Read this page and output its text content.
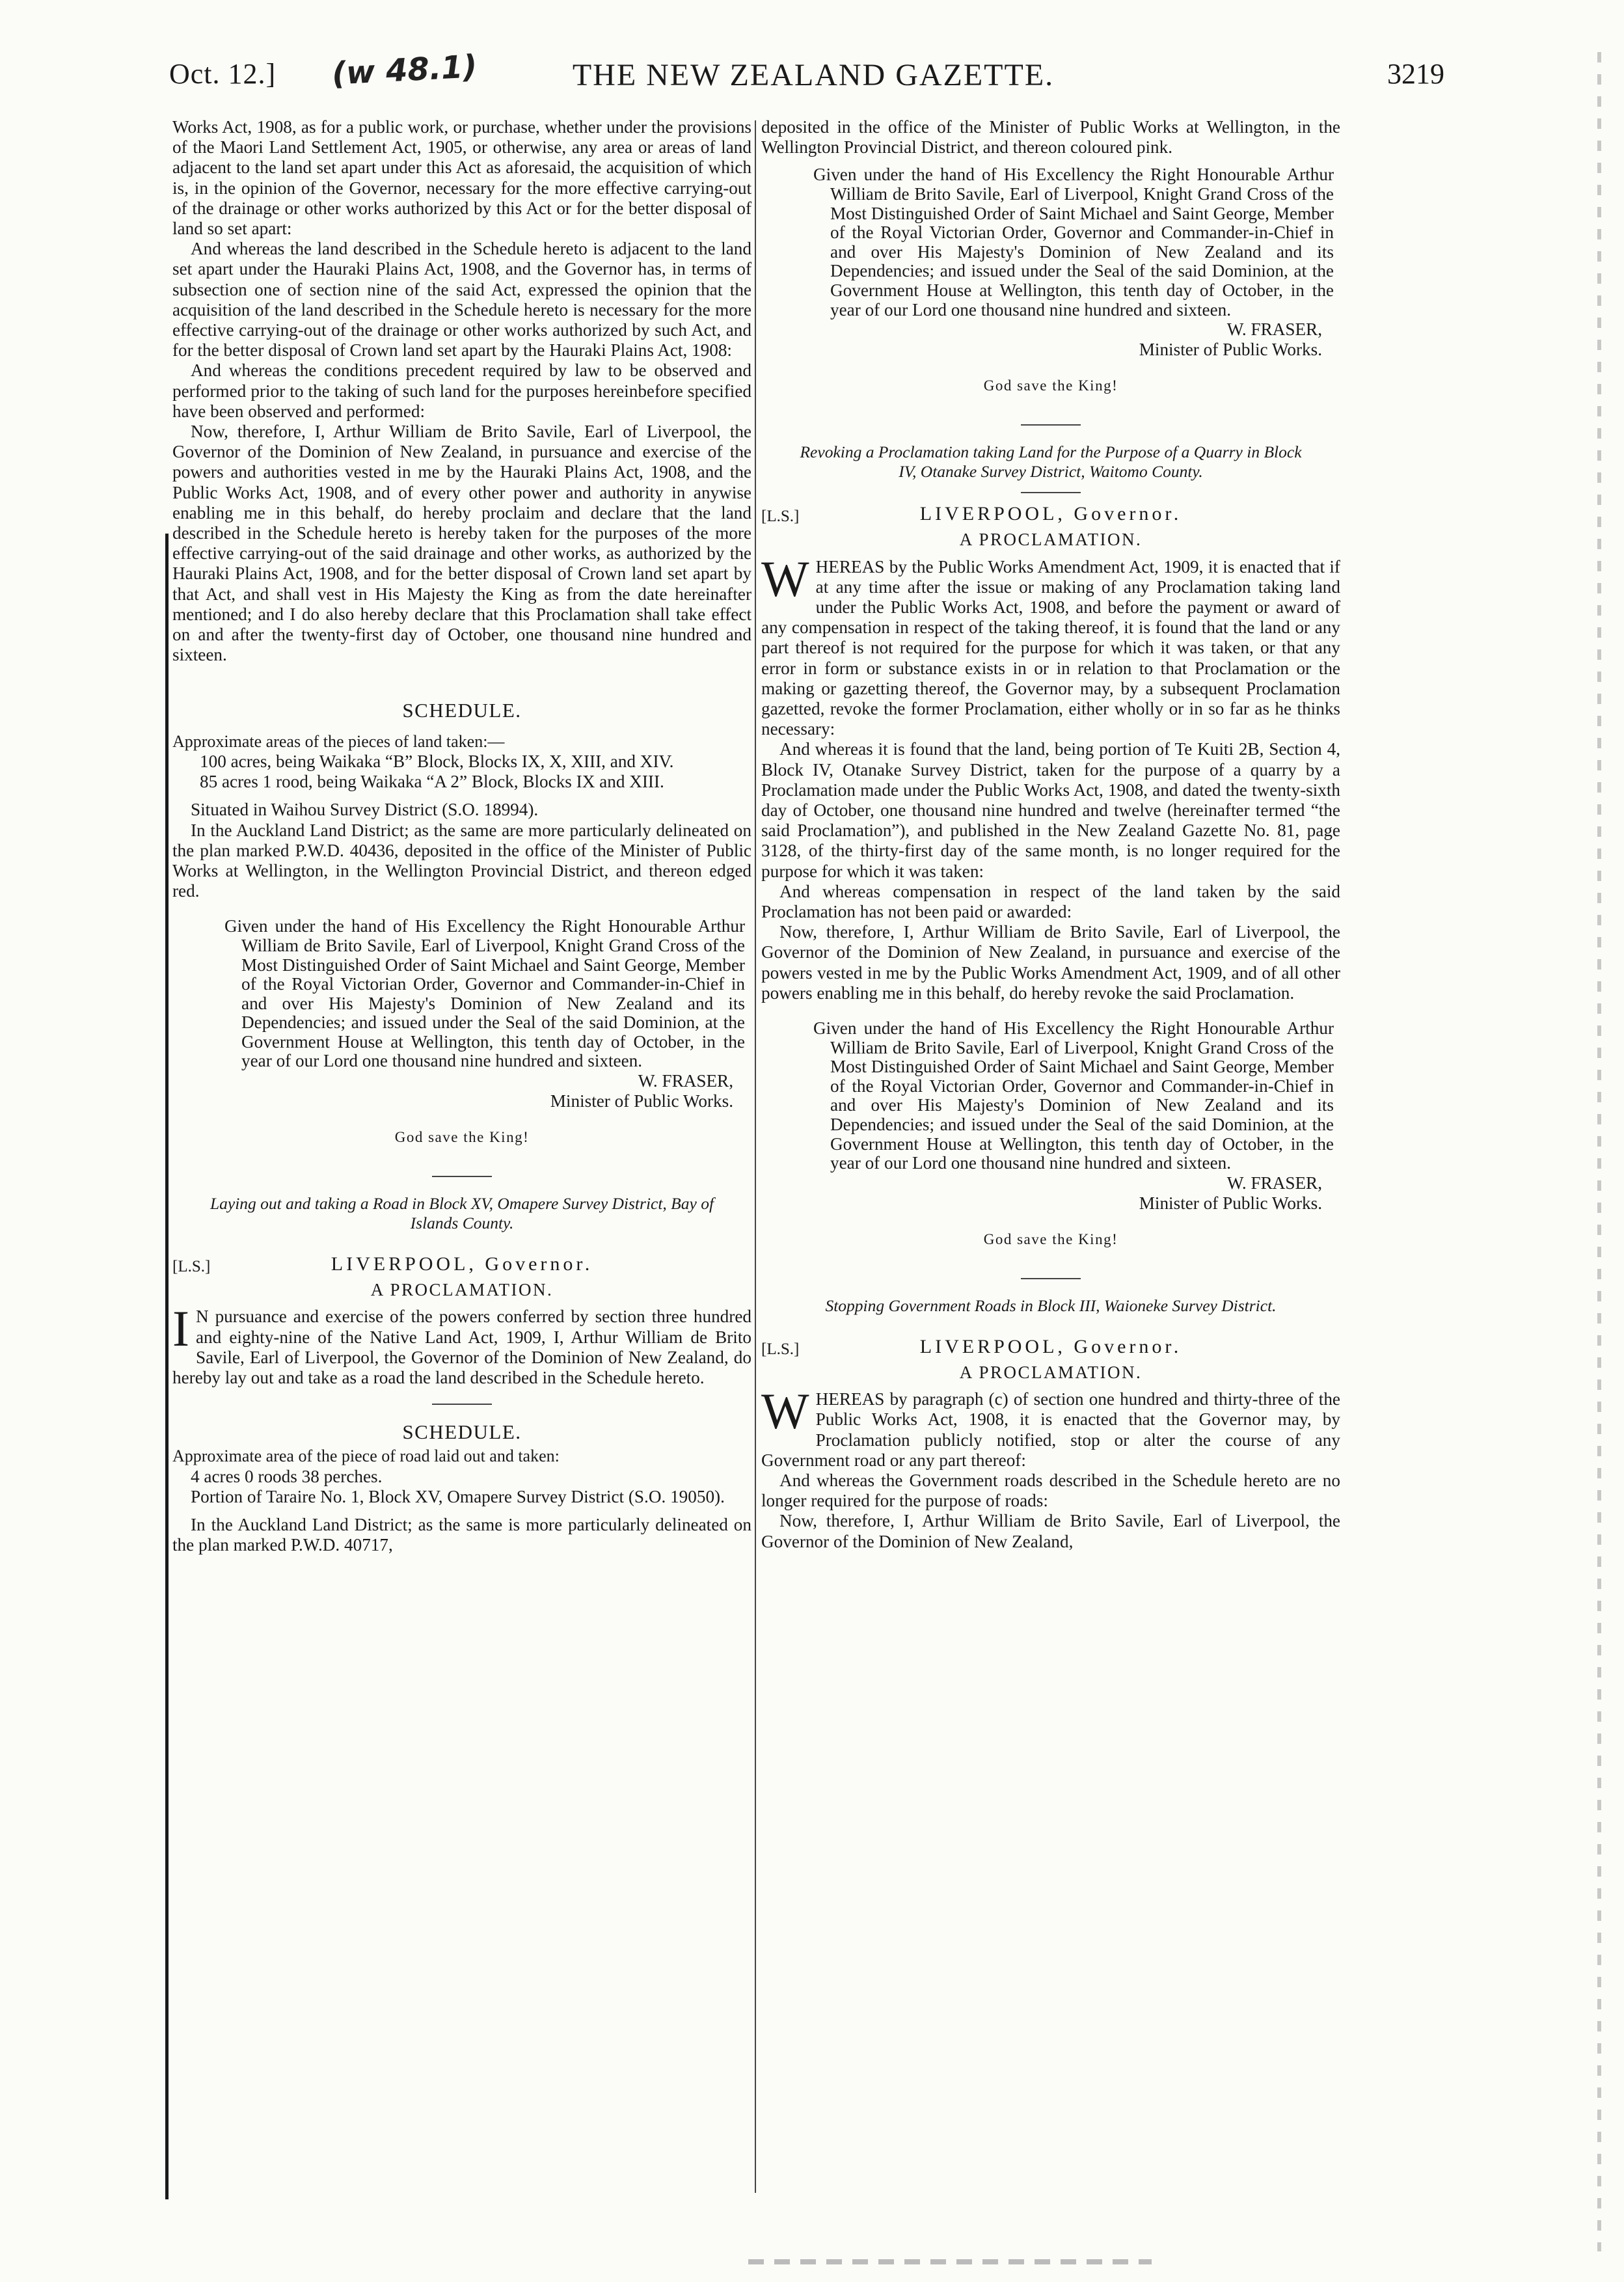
Oct. 12.] (w 48.1)	THE NEW ZEALAND GAZETTE.	3219

Works Act, 1908, as for a public work, or purchase, whether under the provisions of the Maori Land Settlement Act, 1905, or otherwise, any area or areas of land adjacent to the land set apart under this Act as aforesaid, the acquisition of which is, in the opinion of the Governor, necessary for the more effective carrying-out of the drainage or other works authorized by this Act or for the better disposal of land so set apart:

And whereas the land described in the Schedule hereto is adjacent to the land set apart under the Hauraki Plains Act, 1908, and the Governor has, in terms of subsection one of section nine of the said Act, expressed the opinion that the acquisition of the land described in the Schedule hereto is necessary for the more effective carrying-out of the drainage or other works authorized by such Act, and for the better disposal of Crown land set apart by the Hauraki Plains Act, 1908:

And whereas the conditions precedent required by law to be observed and performed prior to the taking of such land for the purposes hereinbefore specified have been observed and performed:

Now, therefore, I, Arthur William de Brito Savile, Earl of Liverpool, the Governor of the Dominion of New Zealand, in pursuance and exercise of the powers and authorities vested in me by the Hauraki Plains Act, 1908, and the Public Works Act, 1908, and of every other power and authority in anywise enabling me in this behalf, do hereby proclaim and declare that the land described in the Schedule hereto is hereby taken for the purposes of the more effective carrying-out of the said drainage and other works, as authorized by the Hauraki Plains Act, 1908, and for the better disposal of Crown land set apart by that Act, and shall vest in His Majesty the King as from the date hereinafter mentioned; and I do also hereby declare that this Proclamation shall take effect on and after the twenty-first day of October, one thousand nine hundred and sixteen.

SCHEDULE.

Approximate areas of the pieces of land taken:—

100 acres, being Waikaka “B” Block, Blocks IX, X, XIII, and XIV.

85 acres 1 rood, being Waikaka “A 2” Block, Blocks IX and XIII.

Situated in Waihou Survey District (S.O. 18994).

In the Auckland Land District; as the same are more particularly delineated on the plan marked P.W.D. 40436, deposited in the office of the Minister of Public Works at Wellington, in the Wellington Provincial District, and thereon edged red.

Given under the hand of His Excellency the Right Honourable Arthur William de Brito Savile, Earl of Liverpool, Knight Grand Cross of the Most Distinguished Order of Saint Michael and Saint George, Member of the Royal Victorian Order, Governor and Commander-in-Chief in and over His Majesty's Dominion of New Zealand and its Dependencies; and issued under the Seal of the said Dominion, at the Government House at Wellington, this tenth day of October, in the year of our Lord one thousand nine hundred and sixteen.

W. FRASER,

Minister of Public Works.

God save the King!

Laying out and taking a Road in Block XV, Omapere Survey District, Bay of Islands County.

[L.S.]	LIVERPOOL, Governor.

A PROCLAMATION.

I N pursuance and exercise of the powers conferred by section three hundred and eighty-nine of the Native Land Act, 1909, I, Arthur William de Brito Savile, Earl of Liverpool, the Governor of the Dominion of New Zealand, do hereby lay out and take as a road the land described in the Schedule hereto.

SCHEDULE.

Approximate area of the piece of road laid out and taken:

4 acres 0 roods 38 perches.

Portion of Taraire No. 1, Block XV, Omapere Survey District (S.O. 19050).

In the Auckland Land District; as the same is more particularly delineated on the plan marked P.W.D. 40717,

deposited in the office of the Minister of Public Works at Wellington, in the Wellington Provincial District, and thereon coloured pink.

Given under the hand of His Excellency the Right Honourable Arthur William de Brito Savile, Earl of Liverpool, Knight Grand Cross of the Most Distinguished Order of Saint Michael and Saint George, Member of the Royal Victorian Order, Governor and Commander-in-Chief in and over His Majesty's Dominion of New Zealand and its Dependencies; and issued under the Seal of the said Dominion, at the Government House at Wellington, this tenth day of October, in the year of our Lord one thousand nine hundred and sixteen.

W. FRASER,

Minister of Public Works.

God save the King!

Revoking a Proclamation taking Land for the Purpose of a Quarry in Block IV, Otanake Survey District, Waitomo County.

[L.S.]	LIVERPOOL, Governor.

A PROCLAMATION.

WHEREAS by the Public Works Amendment Act, 1909, it is enacted that if at any time after the issue or making of any Proclamation taking land under the Public Works Act, 1908, and before the payment or award of any compensation in respect of the taking thereof, it is found that the land or any part thereof is not required for the purpose for which it was taken, or that any error in form or substance exists in or in relation to that Proclamation or the making or gazetting thereof, the Governor may, by a subsequent Proclamation gazetted, revoke the former Proclamation, either wholly or in so far as he thinks necessary:

And whereas it is found that the land, being portion of Te Kuiti 2B, Section 4, Block IV, Otanake Survey District, taken for the purpose of a quarry by a Proclamation made under the Public Works Act, 1908, and dated the twenty-sixth day of October, one thousand nine hundred and twelve (hereinafter termed “the said Proclamation”), and published in the New Zealand Gazette No. 81, page 3128, of the thirty-first day of the same month, is no longer required for the purpose for which it was taken:

And whereas compensation in respect of the land taken by the said Proclamation has not been paid or awarded:

Now, therefore, I, Arthur William de Brito Savile, Earl of Liverpool, the Governor of the Dominion of New Zealand, in pursuance and exercise of the powers vested in me by the Public Works Amendment Act, 1909, and of all other powers enabling me in this behalf, do hereby revoke the said Proclamation.

Given under the hand of His Excellency the Right Honourable Arthur William de Brito Savile, Earl of Liverpool, Knight Grand Cross of the Most Distinguished Order of Saint Michael and Saint George, Member of the Royal Victorian Order, Governor and Commander-in-Chief in and over His Majesty's Dominion of New Zealand and its Dependencies; and issued under the Seal of the said Dominion, at the Government House at Wellington, this tenth day of October, in the year of our Lord one thousand nine hundred and sixteen.

W. FRASER,

Minister of Public Works.

God save the King!

Stopping Government Roads in Block III, Waioneke Survey District.

[L.S.]	LIVERPOOL, Governor.

A PROCLAMATION.

WHEREAS by paragraph (c) of section one hundred and thirty-three of the Public Works Act, 1908, it is enacted that the Governor may, by Proclamation publicly notified, stop or alter the course of any Government road or any part thereof:

And whereas the Government roads described in the Schedule hereto are no longer required for the purpose of roads:

Now, therefore, I, Arthur William de Brito Savile, Earl of Liverpool, the Governor of the Dominion of New Zealand,
